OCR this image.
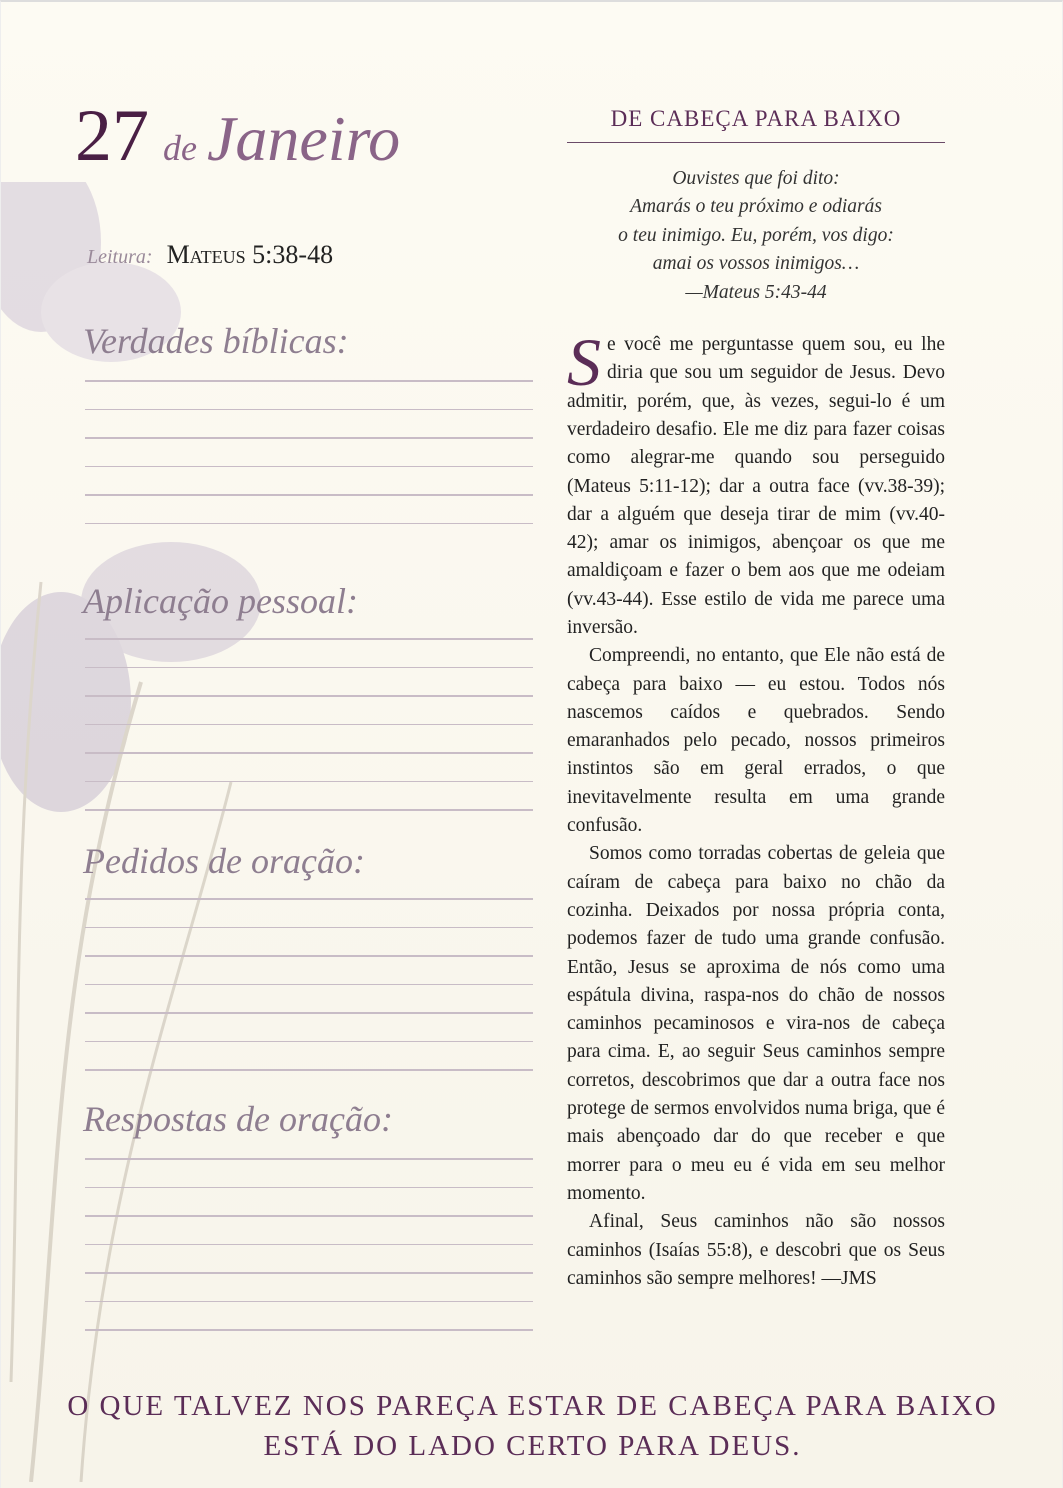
27 de Janeiro
Leitura: Mateus 5:38-48
Verdades bíblicas:
Aplicação pessoal:
Pedidos de oração:
Respostas de oração:
DE CABEÇA PARA BAIXO
Ouvistes que foi dito:
Amarás o teu próximo e odiarás
o teu inimigo. Eu, porém, vos digo:
amai os vossos inimigos…
—Mateus 5:43-44

Se você me perguntasse quem sou, eu lhe diria que sou um seguidor de Jesus. Devo admitir, porém, que, às vezes, segui-lo é um verdadeiro desafio. Ele me diz para fazer coisas como alegrar-me quando sou perseguido (Mateus 5:11-12); dar a outra face (vv.38-39); dar a alguém que deseja tirar de mim (vv.40-42); amar os inimigos, abençoar os que me amaldiçoam e fazer o bem aos que me odeiam (vv.43-44). Esse estilo de vida me parece uma inversão.

Compreendi, no entanto, que Ele não está de cabeça para baixo — eu estou. Todos nós nascemos caídos e quebrados. Sendo emaranhados pelo pecado, nossos primeiros instintos são em geral errados, o que inevitavelmente resulta em uma grande confusão.

Somos como torradas cobertas de geleia que caíram de cabeça para baixo no chão da cozinha. Deixados por nossa própria conta, podemos fazer de tudo uma grande confusão. Então, Jesus se aproxima de nós como uma espátula divina, raspa-nos do chão de nossos caminhos pecaminosos e vira-nos de cabeça para cima. E, ao seguir Seus caminhos sempre corretos, descobrimos que dar a outra face nos protege de sermos envolvidos numa briga, que é mais abençoado dar do que receber e que morrer para o meu eu é vida em seu melhor momento.

Afinal, Seus caminhos não são nossos caminhos (Isaías 55:8), e descobri que os Seus caminhos são sempre melhores! —JMS

O QUE TALVEZ NOS PAREÇA ESTAR DE CABEÇA PARA BAIXO
ESTÁ DO LADO CERTO PARA DEUS.
